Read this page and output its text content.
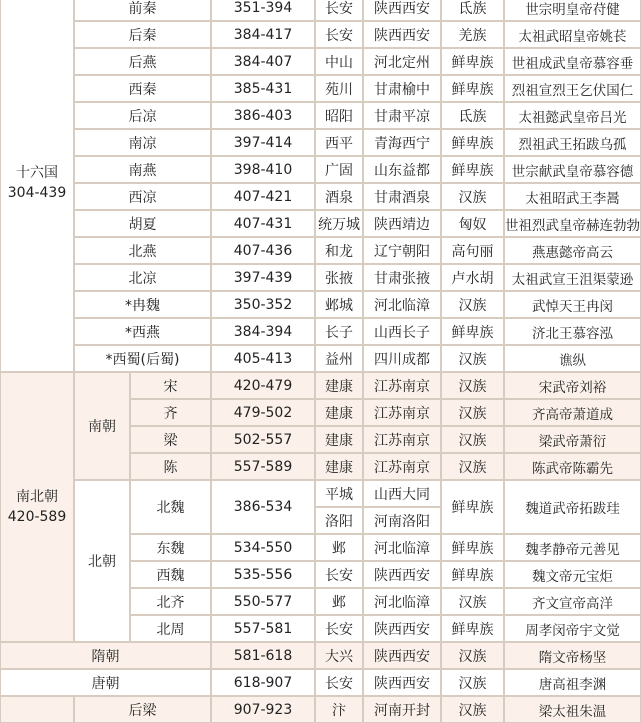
十六国
304-439	前秦		351-394	长安	陕西西安	氐族	世宗明皇帝苻健
	后秦		384-417	长安	陕西西安	羌族	太祖武昭皇帝姚苌
	后燕		384-407	中山	河北定州	鲜卑族	世祖成武皇帝慕容垂
	西秦		385-431	苑川	甘肃榆中	鲜卑族	烈祖宣烈王乞伏国仁
	后凉		386-403	昭阳	甘肃平凉	氐族	太祖懿武皇帝吕光
	南凉		397-414	西平	青海西宁	鲜卑族	烈祖武王拓跋乌孤
	南燕		398-410	广固	山东益都	鲜卑族	世宗献武皇帝慕容德
	西凉		407-421	酒泉	甘肃酒泉	汉族	太祖昭武王李暠
	胡夏		407-431	统万城	陕西靖边	匈奴	世祖烈武皇帝赫连勃勃
	北燕		407-436	和龙	辽宁朝阳	高句丽	燕惠懿帝高云
	北凉		397-439	张掖	甘肃张掖	卢水胡	太祖武宣王沮渠蒙逊
	*冉魏		350-352	邺城	河北临漳	汉族	武悼天王冉闵
	*西燕		384-394	长子	山西长子	鲜卑族	济北王慕容泓
	*西蜀(后蜀)		405-413	益州	四川成都	汉族	谯纵

南北朝
420-589	南朝	宋	420-479	建康	江苏南京	汉族	宋武帝刘裕
		齐	479-502	建康	江苏南京	汉族	齐高帝萧道成
		梁	502-557	建康	江苏南京	汉族	梁武帝萧衍
		陈	557-589	建康	江苏南京	汉族	陈武帝陈霸先
	北朝	北魏	386-534	平城	山西大同	鲜卑族	魏道武帝拓跋珪
				洛阳	河南洛阳		
		东魏	534-550	邺	河北临漳	鲜卑族	魏孝静帝元善见
		西魏	535-556	长安	陕西西安	鲜卑族	魏文帝元宝炬
		北齐	550-577	邺	河北临漳	汉族	齐文宣帝高洋
		北周	557-581	长安	陕西西安	鲜卑族	周孝闵帝宇文觉
隋朝			581-618	大兴	陕西西安	汉族	隋文帝杨坚
唐朝			618-907	长安	陕西西安	汉族	唐高祖李渊
	后梁		907-923	汴	河南开封	汉族	梁太祖朱温
